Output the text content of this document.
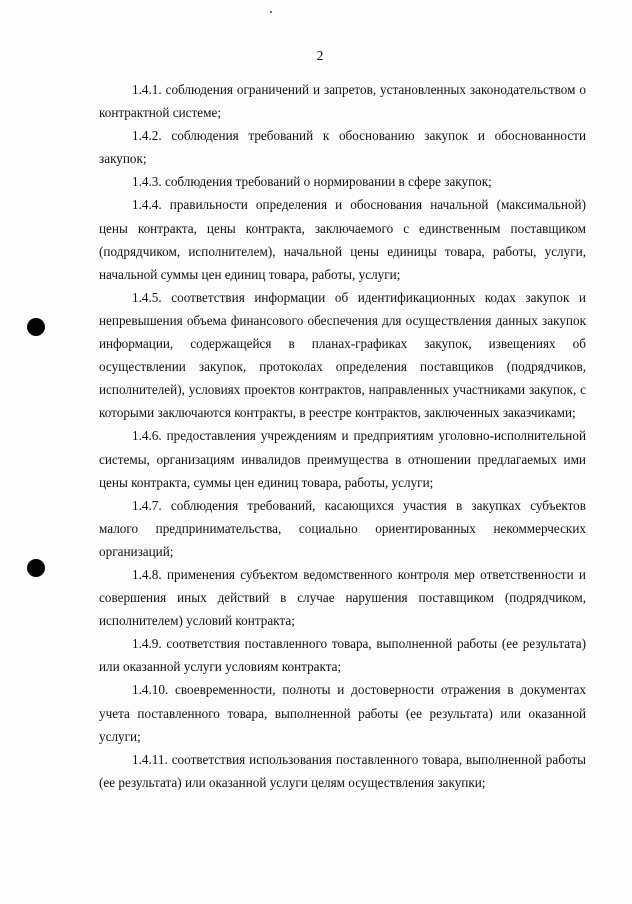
2

1.4.1. соблюдения ограничений и запретов, установленных законодательством о контрактной системе;

1.4.2. соблюдения требований к обоснованию закупок и обоснованности закупок;

1.4.3. соблюдения требований о нормировании в сфере закупок;

1.4.4. правильности определения и обоснования начальной (максимальной) цены контракта, цены контракта, заключаемого с единственным поставщиком (подрядчиком, исполнителем), начальной цены единицы товара, работы, услуги, начальной суммы цен единиц товара, работы, услуги;

1.4.5. соответствия информации об идентификационных кодах закупок и непревышения объема финансового обеспечения для осуществления данных закупок информации, содержащейся в планах-графиках закупок, извещениях об осуществлении закупок, протоколах определения поставщиков (подрядчиков, исполнителей), условиях проектов контрактов, направленных участниками закупок, с которыми заключаются контракты, в реестре контрактов, заключенных заказчиками;

1.4.6. предоставления учреждениям и предприятиям уголовно-исполнительной системы, организациям инвалидов преимущества в отношении предлагаемых ими цены контракта, суммы цен единиц товара, работы, услуги;

1.4.7. соблюдения требований, касающихся участия в закупках субъектов малого предпринимательства, социально ориентированных некоммерческих организаций;

1.4.8. применения субъектом ведомственного контроля мер ответственности и совершения иных действий в случае нарушения поставщиком (подрядчиком, исполнителем) условий контракта;

1.4.9. соответствия поставленного товара, выполненной работы (ее результата) или оказанной услуги условиям контракта;

1.4.10. своевременности, полноты и достоверности отражения в документах учета поставленного товара, выполненной работы (ее результата) или оказанной услуги;

1.4.11. соответствия использования поставленного товара, выполненной работы (ее результата) или оказанной услуги целям осуществления закупки;
